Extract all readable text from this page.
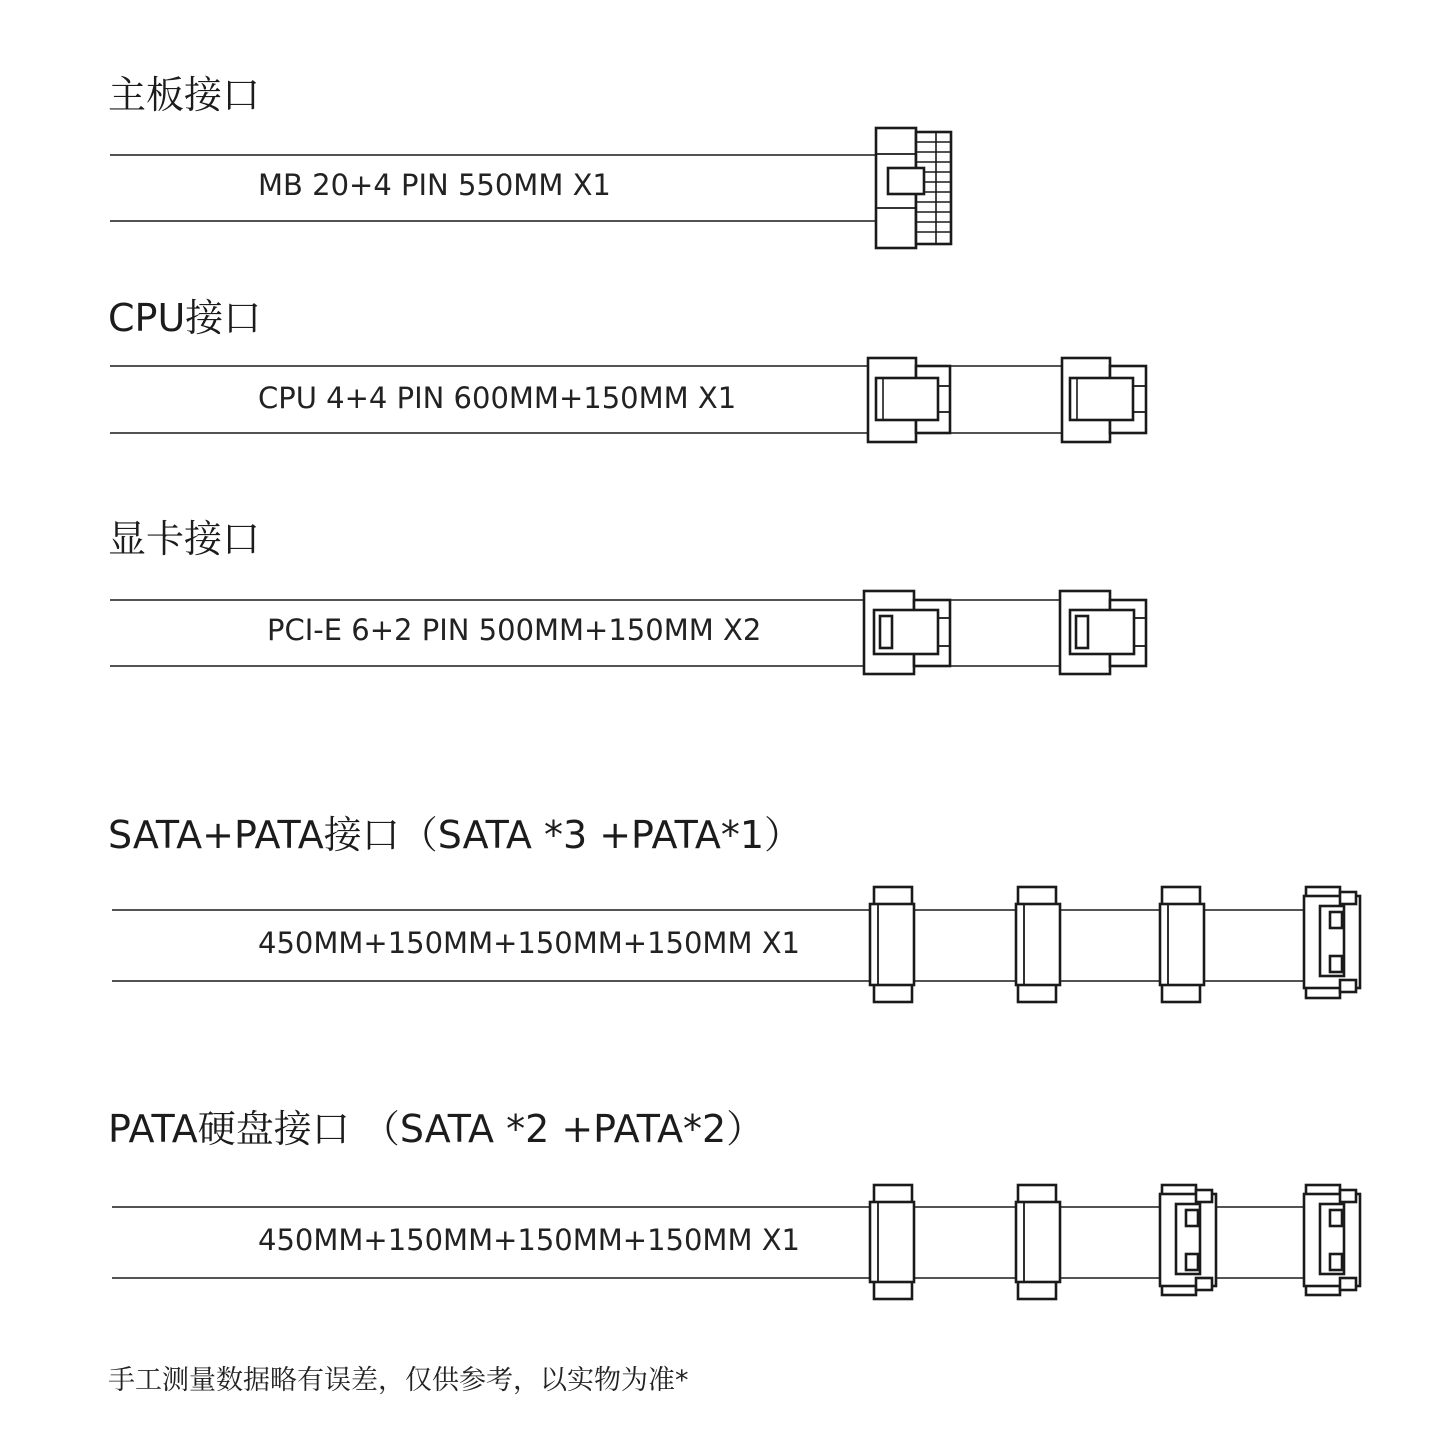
主板接口
MB 20+4 PIN 550MM X1
CPU接口
CPU 4+4 PIN 600MM+150MM X1
显卡接口
PCI-E 6+2 PIN 500MM+150MM X2
SATA+PATA接口（SATA *3 +PATA*1）
450MM+150MM+150MM+150MM X1
PATA硬盘接口 （SATA *2 +PATA*2）
450MM+150MM+150MM+150MM X1
手工测量数据略有误差，仅供参考，以实物为准*
